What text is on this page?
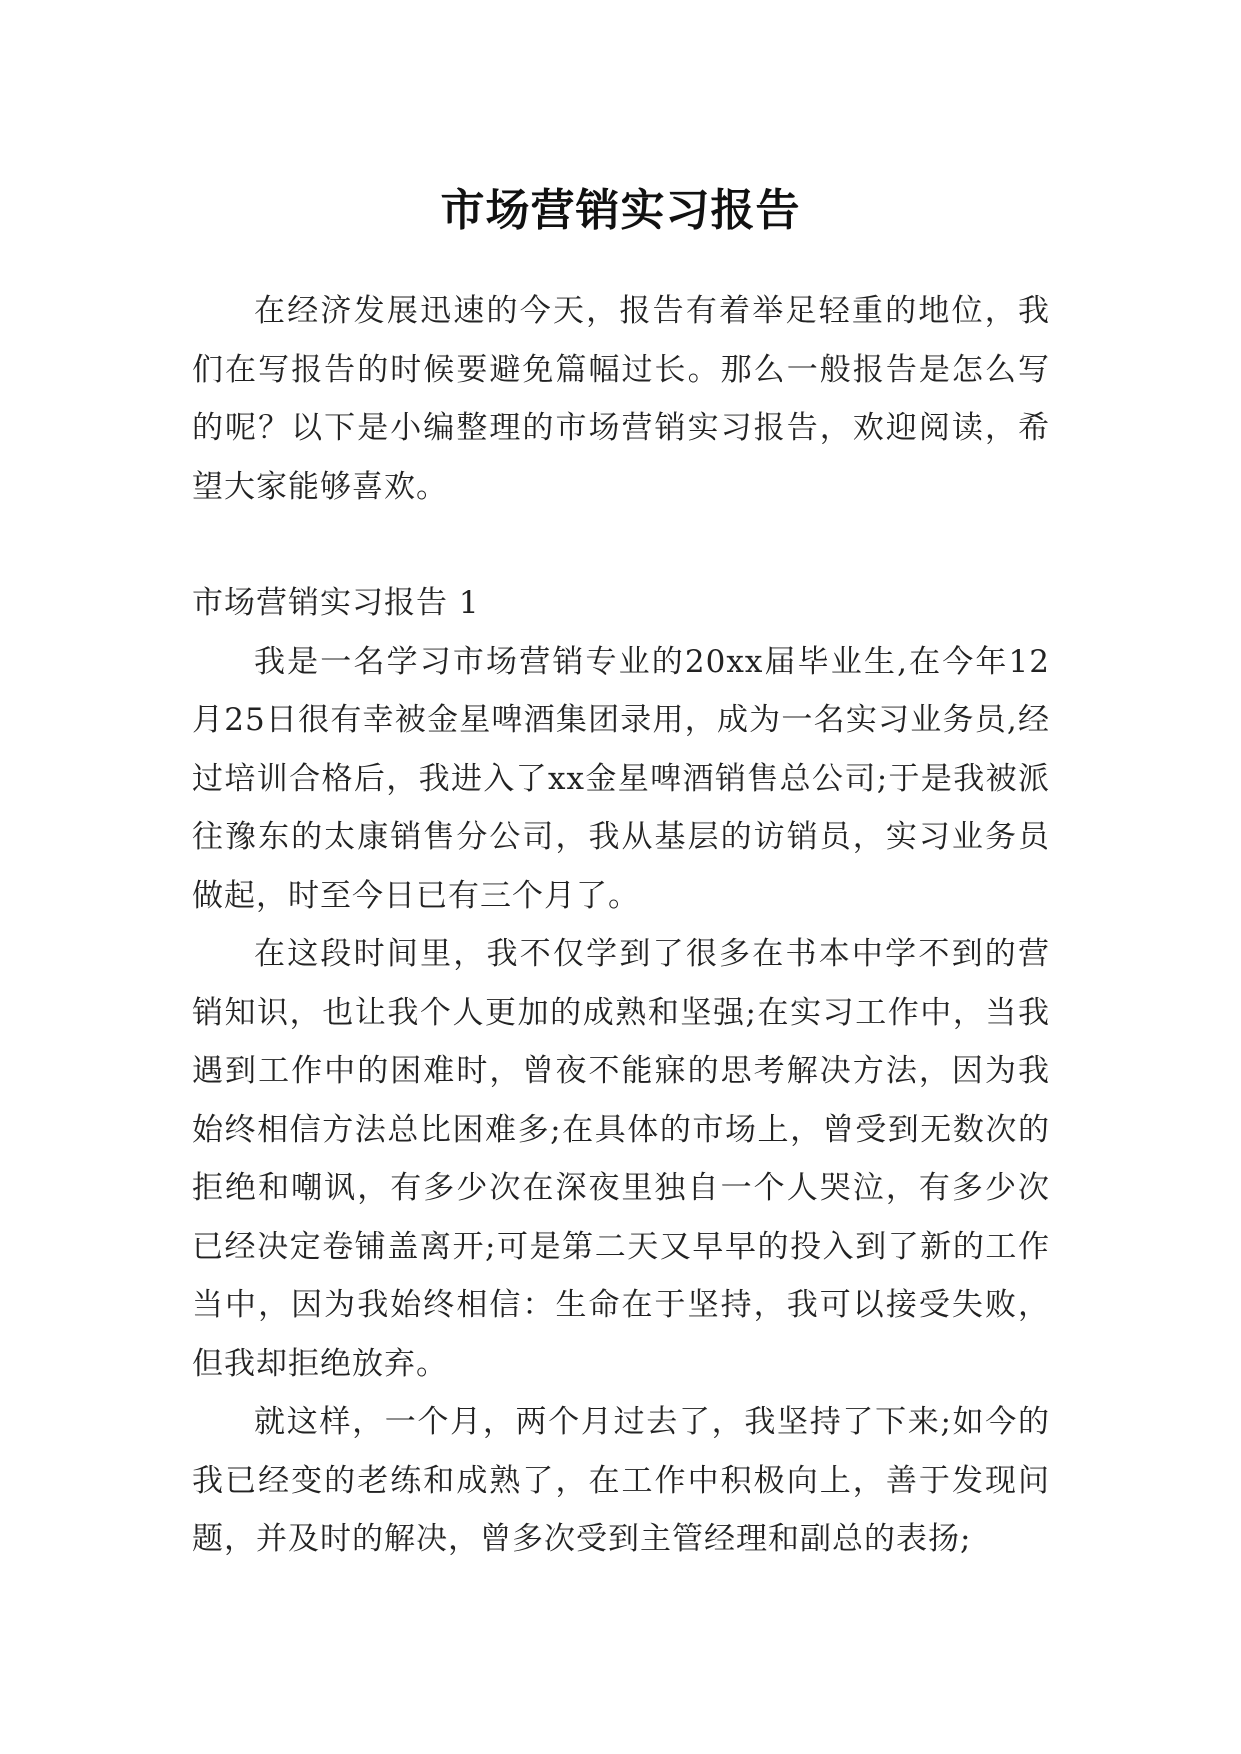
市场营销实习报告

在经济发展迅速的今天，报告有着举足轻重的地位，我们在写报告的时候要避免篇幅过长。那么一般报告是怎么写的呢？以下是小编整理的市场营销实习报告，欢迎阅读，希望大家能够喜欢。

市场营销实习报告 1

我是一名学习市场营销专业的20xx届毕业生,在今年12月25日很有幸被金星啤酒集团录用，成为一名实习业务员,经过培训合格后，我进入了xx金星啤酒销售总公司;于是我被派往豫东的太康销售分公司，我从基层的访销员，实习业务员做起，时至今日已有三个月了。

在这段时间里，我不仅学到了很多在书本中学不到的营销知识，也让我个人更加的成熟和坚强;在实习工作中，当我遇到工作中的困难时，曾夜不能寐的思考解决方法，因为我始终相信方法总比困难多;在具体的市场上，曾受到无数次的拒绝和嘲讽，有多少次在深夜里独自一个人哭泣，有多少次已经决定卷铺盖离开;可是第二天又早早的投入到了新的工作当中，因为我始终相信：生命在于坚持，我可以接受失败，但我却拒绝放弃。

就这样，一个月，两个月过去了，我坚持了下来;如今的我已经变的老练和成熟了，在工作中积极向上，善于发现问题，并及时的解决，曾多次受到主管经理和副总的表扬;
